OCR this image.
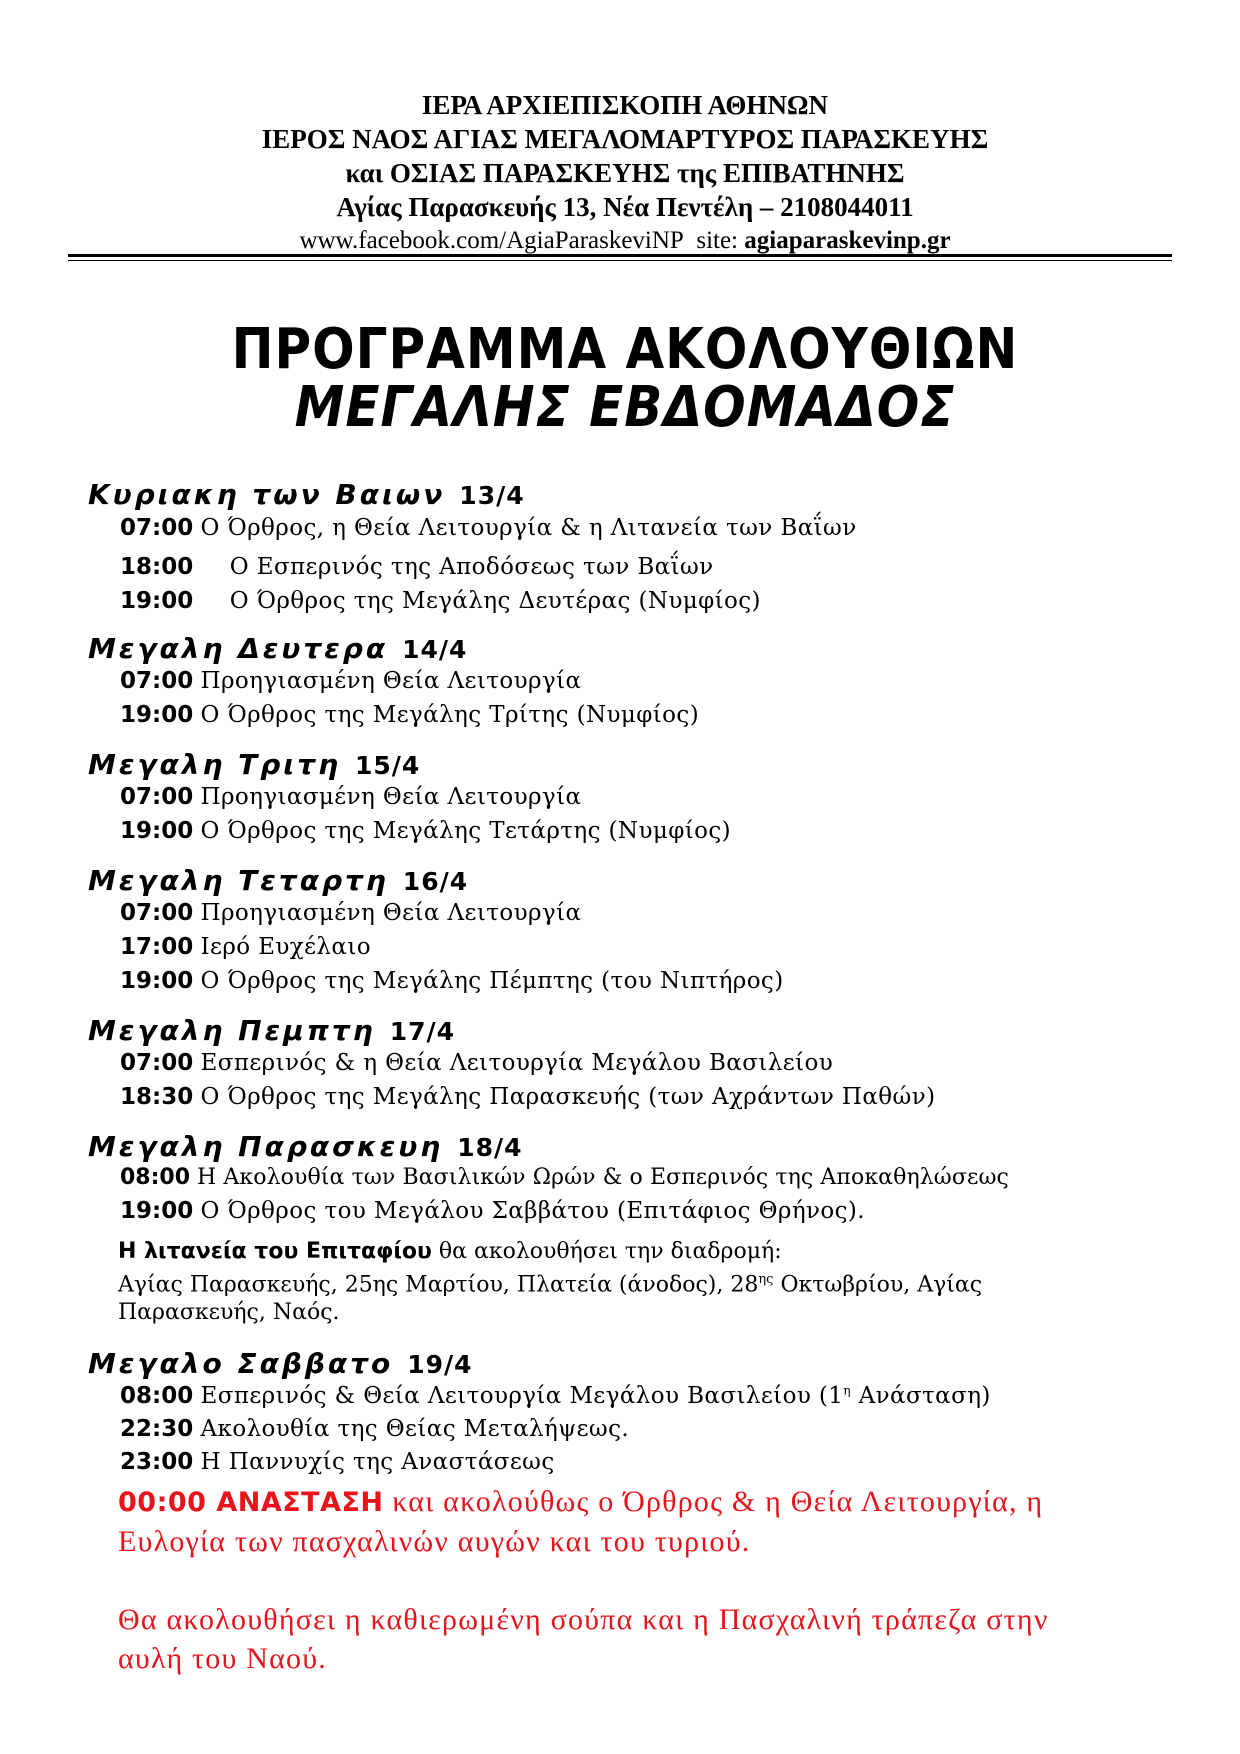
ΙΕΡΑ ΑΡΧΙΕΠΙΣΚΟΠΗ ΑΘΗΝΩΝ
ΙΕΡΟΣ ΝΑΟΣ ΑΓΙΑΣ ΜΕΓΑΛΟΜΑΡΤΥΡΟΣ ΠΑΡΑΣΚΕΥΗΣ
και ΟΣΙΑΣ ΠΑΡΑΣΚΕΥΗΣ της ΕΠΙΒΑΤΗΝΗΣ
Αγίας Παρασκευής 13, Νέα Πεντέλη – 2108044011
www.facebook.com/AgiaParaskeviNP site: agiaparaskevinp.gr
ΠΡΟΓΡΑΜΜΑ ΑΚΟΛΟΥΘΙΩΝ
ΜΕΓΑΛΗΣ ΕΒΔΟΜΑΔΟΣ
Κυριακη των Βαιων 13/4
07:00 Ο Όρθρος, η Θεία Λειτουργία & η Λιτανεία των Βαΐων
18:00 Ο Εσπερινός της Αποδόσεως των Βαΐων
19:00 Ο Όρθρος της Μεγάλης Δευτέρας (Νυμφίος)
Μεγαλη Δευτερα 14/4
07:00 Προηγιασμένη Θεία Λειτουργία
19:00 Ο Όρθρος της Μεγάλης Τρίτης (Νυμφίος)
Μεγαλη Τριτη 15/4
07:00 Προηγιασμένη Θεία Λειτουργία
19:00 Ο Όρθρος της Μεγάλης Τετάρτης (Νυμφίος)
Μεγαλη Τεταρτη 16/4
07:00 Προηγιασμένη Θεία Λειτουργία
17:00 Ιερό Ευχέλαιο
19:00 Ο Όρθρος της Μεγάλης Πέμπτης (του Νιπτήρος)
Μεγαλη Πεμπτη 17/4
07:00 Εσπερινός & η Θεία Λειτουργία Μεγάλου Βασιλείου
18:30 Ο Όρθρος της Μεγάλης Παρασκευής (των Αχράντων Παθών)
Μεγαλη Παρασκευη 18/4
08:00 Η Ακολουθία των Βασιλικών Ωρών & ο Εσπερινός της Αποκαθηλώσεως
19:00 Ο Όρθρος του Μεγάλου Σαββάτου (Επιτάφιος Θρήνος).
Η λιτανεία του Επιταφίου θα ακολουθήσει την διαδρομή:
Αγίας Παρασκευής, 25ης Μαρτίου, Πλατεία (άνοδος), $28^{\eta\varsigma}$ Οκτωβρίου, Αγίας Παρασκευής, Ναός.
Μεγαλο Σαββατο 19/4
08:00 Εσπερινός & Θεία Λειτουργία Μεγάλου Βασιλείου ($1^\eta$ Ανάσταση)
22:30 Ακολουθία της Θείας Μεταλήψεως.
23:00 Η Παννυχίς της Αναστάσεως
00:00 ΑΝΑΣΤΑΣΗ και ακολούθως ο Όρθρος & η Θεία Λειτουργία, η Ευλογία των πασχαλινών αυγών και του τυριού.
Θα ακολουθήσει η καθιερωμένη σούπα και η Πασχαλινή τράπεζα στην αυλή του Ναού.
